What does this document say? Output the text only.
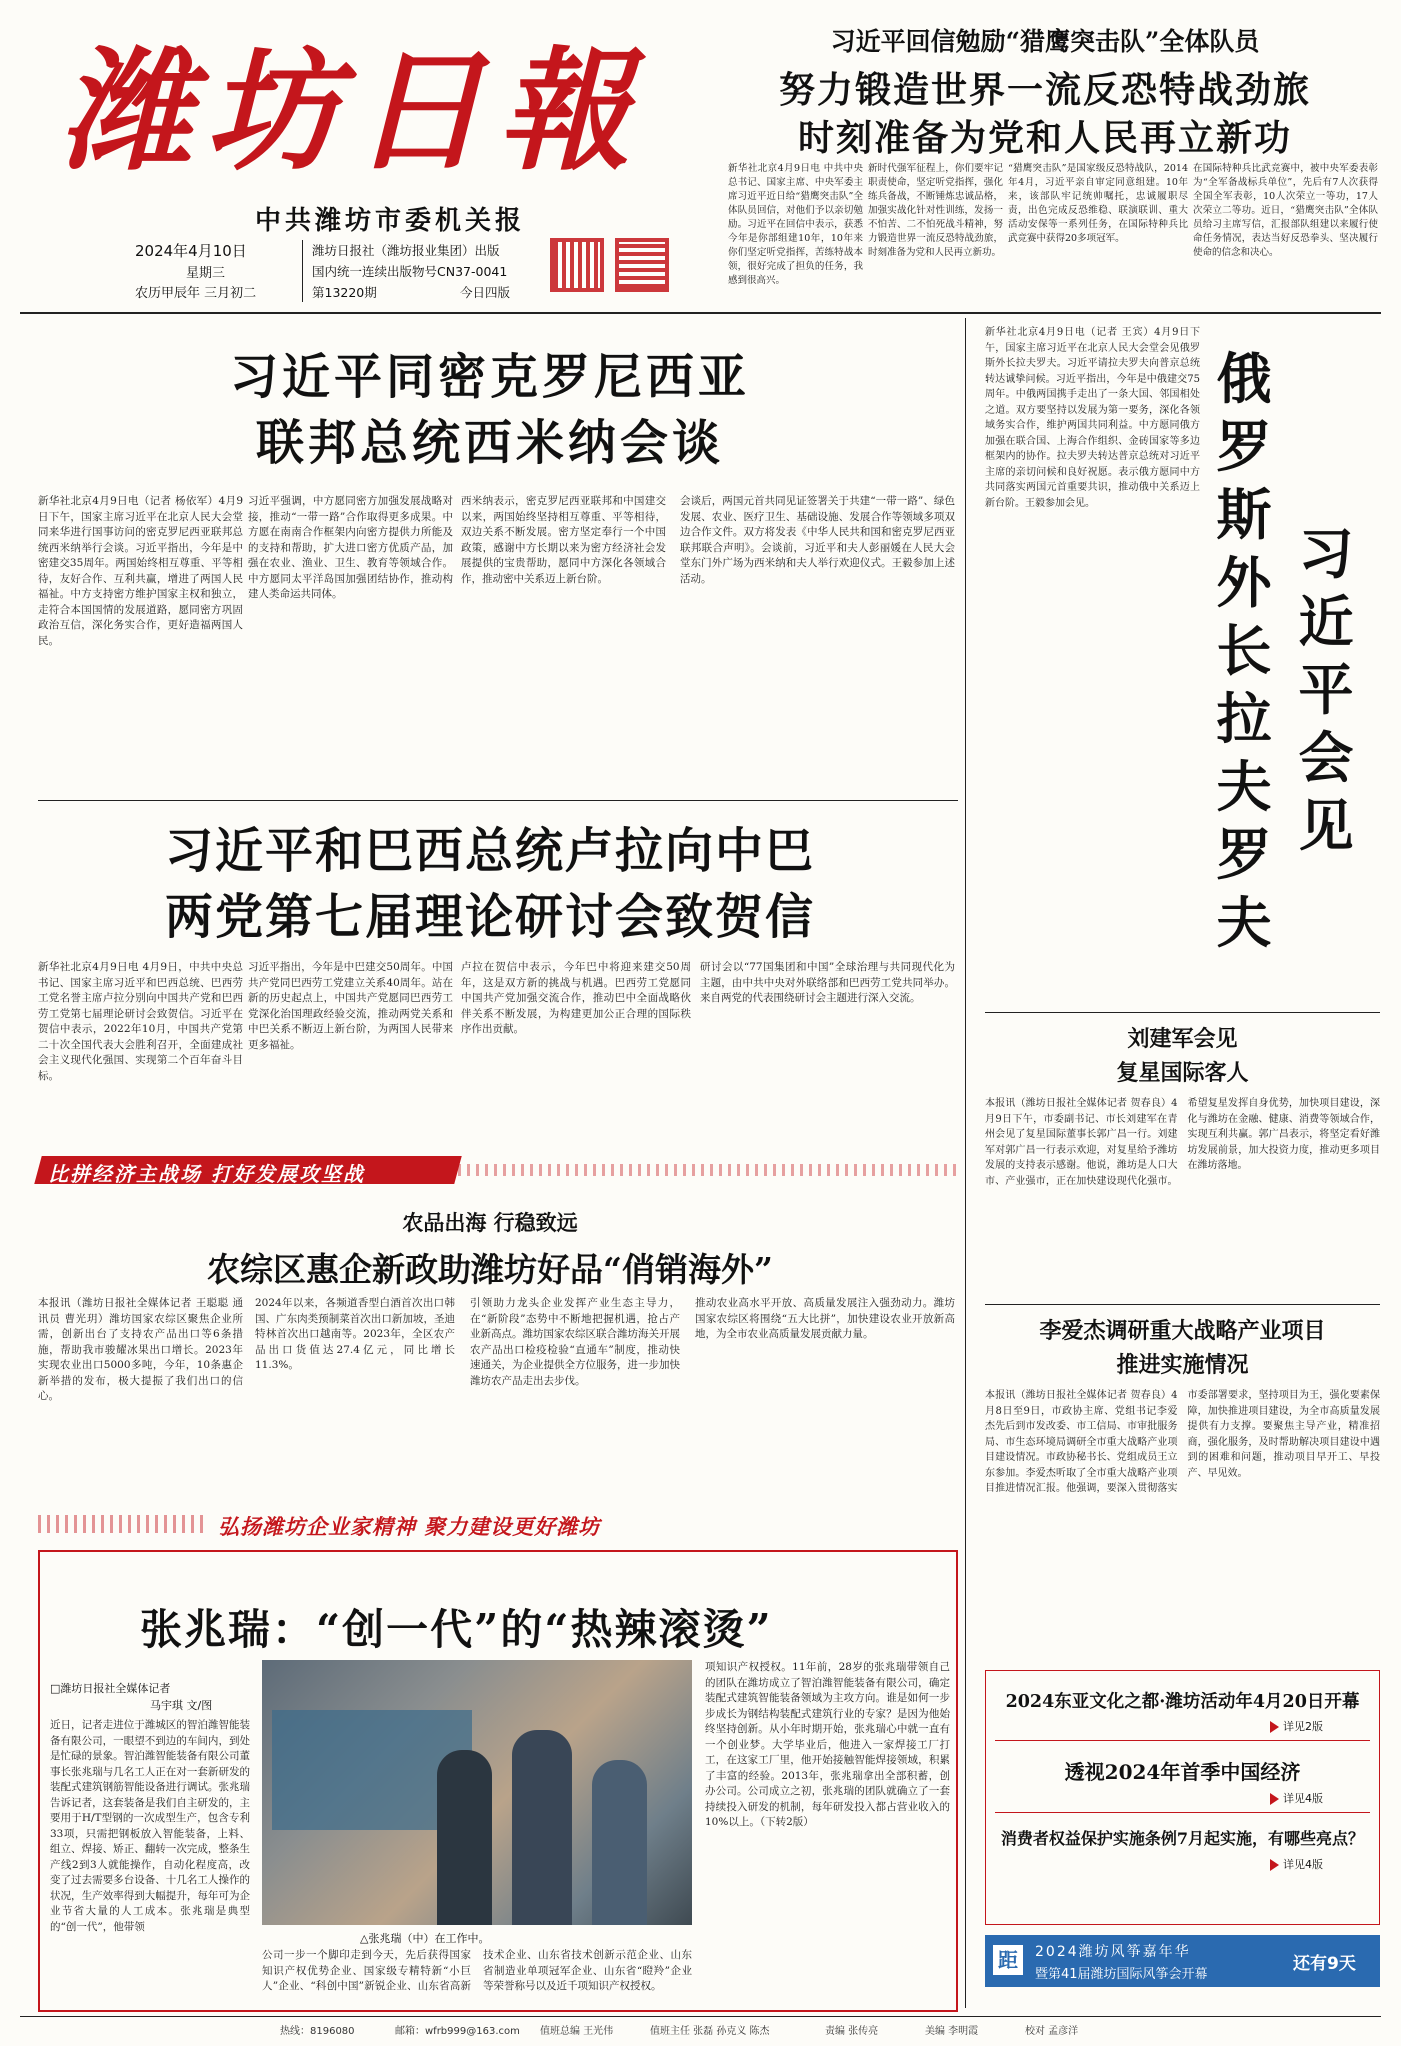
潍坊日報
中共潍坊市委机关报
2024年4月10日
星期三
农历甲辰年 三月初二
潍坊日报社（潍坊报业集团）出版
国内统一连续出版物号CN37-0041
第13220期	今日四版
习近平回信勉励“猎鹰突击队”全体队员
努力锻造世界一流反恐特战劲旅
时刻准备为党和人民再立新功
新华社北京4月9日电 中共中央总书记、国家主席、中央军委主席习近平近日给“猎鹰突击队”全体队员回信，对他们予以亲切勉励。习近平在回信中表示，获悉今年是你部组建10年，10年来你们坚定听党指挥，苦练特战本领，很好完成了担负的任务，我感到很高兴。
新时代强军征程上，你们要牢记职责使命，坚定听党指挥，强化练兵备战，不断锤炼忠诚品格，加强实战化针对性训练，发扬一不怕苦、二不怕死战斗精神，努力锻造世界一流反恐特战劲旅，时刻准备为党和人民再立新功。
“猎鹰突击队”是国家级反恐特战队，2014年4月，习近平亲自审定同意组建。10年来，该部队牢记统帅嘱托，忠诚履职尽责，出色完成反恐维稳、联演联训、重大活动安保等一系列任务，在国际特种兵比武竞赛中获得20多项冠军。
在国际特种兵比武竞赛中，被中央军委表彰为“全军备战标兵单位”，先后有7人次获得全国全军表彰，10人次荣立一等功，17人次荣立二等功。近日，“猎鹰突击队”全体队员给习主席写信，汇报部队组建以来履行使命任务情况，表达当好反恐拳头、坚决履行使命的信念和决心。
习近平同密克罗尼西亚
联邦总统西米纳会谈
新华社北京4月9日电（记者 杨依军）4月9日下午，国家主席习近平在北京人民大会堂同来华进行国事访问的密克罗尼西亚联邦总统西米纳举行会谈。习近平指出，今年是中密建交35周年。两国始终相互尊重、平等相待，友好合作、互利共赢，增进了两国人民福祉。中方支持密方维护国家主权和独立，走符合本国国情的发展道路，愿同密方巩固政治互信，深化务实合作，更好造福两国人民。
习近平强调，中方愿同密方加强发展战略对接，推动“一带一路”合作取得更多成果。中方愿在南南合作框架内向密方提供力所能及的支持和帮助，扩大进口密方优质产品，加强在农业、渔业、卫生、教育等领域合作。中方愿同太平洋岛国加强团结协作，推动构建人类命运共同体。
西米纳表示，密克罗尼西亚联邦和中国建交以来，两国始终坚持相互尊重、平等相待，双边关系不断发展。密方坚定奉行一个中国政策，感谢中方长期以来为密方经济社会发展提供的宝贵帮助，愿同中方深化各领域合作，推动密中关系迈上新台阶。
会谈后，两国元首共同见证签署关于共建“一带一路”、绿色发展、农业、医疗卫生、基础设施、发展合作等领域多项双边合作文件。双方将发表《中华人民共和国和密克罗尼西亚联邦联合声明》。会谈前，习近平和夫人彭丽媛在人民大会堂东门外广场为西米纳和夫人举行欢迎仪式。王毅参加上述活动。
习近平和巴西总统卢拉向中巴
两党第七届理论研讨会致贺信
新华社北京4月9日电 4月9日，中共中央总书记、国家主席习近平和巴西总统、巴西劳工党名誉主席卢拉分别向中国共产党和巴西劳工党第七届理论研讨会致贺信。习近平在贺信中表示，2022年10月，中国共产党第二十次全国代表大会胜利召开，全面建成社会主义现代化强国、实现第二个百年奋斗目标。
习近平指出，今年是中巴建交50周年。中国共产党同巴西劳工党建立关系40周年。站在新的历史起点上，中国共产党愿同巴西劳工党深化治国理政经验交流，推动两党关系和中巴关系不断迈上新台阶，为两国人民带来更多福祉。
卢拉在贺信中表示，今年巴中将迎来建交50周年，这是双方新的挑战与机遇。巴西劳工党愿同中国共产党加强交流合作，推动巴中全面战略伙伴关系不断发展，为构建更加公正合理的国际秩序作出贡献。
研讨会以“77国集团和中国”全球治理与共同现代化为主题，由中共中央对外联络部和巴西劳工党共同举办。来自两党的代表围绕研讨会主题进行深入交流。
新华社北京4月9日电（记者 王宾）4月9日下午，国家主席习近平在北京人民大会堂会见俄罗斯外长拉夫罗夫。习近平请拉夫罗夫向普京总统转达诚挚问候。习近平指出，今年是中俄建交75周年。中俄两国携手走出了一条大国、邻国相处之道。双方要坚持以发展为第一要务，深化各领域务实合作，维护两国共同利益。中方愿同俄方加强在联合国、上海合作组织、金砖国家等多边框架内的协作。拉夫罗夫转达普京总统对习近平主席的亲切问候和良好祝愿。表示俄方愿同中方共同落实两国元首重要共识，推动俄中关系迈上新台阶。王毅参加会见。
俄罗斯外长拉夫罗夫
习近平会见
刘建军会见
复星国际客人
本报讯（潍坊日报社全媒体记者 贺春良）4月9日下午，市委副书记、市长刘建军在青州会见了复星国际董事长郭广昌一行。刘建军对郭广昌一行表示欢迎，对复星给予潍坊发展的支持表示感谢。他说，潍坊是人口大市、产业强市，正在加快建设现代化强市。希望复星发挥自身优势，加快项目建设，深化与潍坊在金融、健康、消费等领域合作，实现互利共赢。郭广昌表示，将坚定看好潍坊发展前景，加大投资力度，推动更多项目在潍坊落地。
李爱杰调研重大战略产业项目
推进实施情况
本报讯（潍坊日报社全媒体记者 贺春良）4月8日至9日，市政协主席、党组书记李爱杰先后到市发改委、市工信局、市审批服务局、市生态环境局调研全市重大战略产业项目建设情况。市政协秘书长、党组成员王立东参加。李爱杰听取了全市重大战略产业项目推进情况汇报。他强调，要深入贯彻落实市委部署要求，坚持项目为王，强化要素保障，加快推进项目建设，为全市高质量发展提供有力支撑。要聚焦主导产业，精准招商，强化服务，及时帮助解决项目建设中遇到的困难和问题，推动项目早开工、早投产、早见效。
比拼经济主战场 打好发展攻坚战
农品出海 行稳致远
农综区惠企新政助潍坊好品“俏销海外”
本报讯（潍坊日报社全媒体记者 王聪聪 通讯员 曹光玥）潍坊国家农综区聚焦企业所需，创新出台了支持农产品出口等6条措施，帮助我市骏耀冰果出口增长。2023年实现农业出口5000多吨，今年，10条惠企新举措的发布，极大提振了我们出口的信心。
2024年以来，各频道香型白酒首次出口韩国、广东肉类预制菜首次出口新加坡，圣迪特林首次出口越南等。2023年，全区农产品出口货值达27.4亿元，同比增长11.3%。
引领助力龙头企业发挥产业生态主导力，在“新阶段”态势中不断地把握机遇，抢占产业新高点。潍坊国家农综区联合潍坊海关开展农产品出口检疫检验“直通车”制度，推动快速通关，为企业提供全方位服务，进一步加快潍坊农产品走出去步伐。
推动农业高水平开放、高质量发展注入强劲动力。潍坊国家农综区将围绕“五大比拼”，加快建设农业开放新高地，为全市农业高质量发展贡献力量。
弘扬潍坊企业家精神 聚力建设更好潍坊
张兆瑞：“创一代”的“热辣滚烫”
□潍坊日报社全媒体记者
马宇琪 文/图
近日，记者走进位于潍城区的智泊潍智能装备有限公司，一眼望不到边的车间内，到处是忙碌的景象。智泊潍智能装备有限公司董事长张兆瑞与几名工人正在对一套新研发的装配式建筑钢筋智能设备进行调试。张兆瑞告诉记者，这套装备是我们自主研发的，主要用于H/T型钢的一次成型生产，包含专利33项，只需把钢板放入智能装备，上料、组立、焊接、矫正、翻转一次完成，整条生产线2到3人就能操作，自动化程度高，改变了过去需要多台设备、十几名工人操作的状况，生产效率得到大幅提升，每年可为企业节省大量的人工成本。张兆瑞是典型的“创一代”，他带领
△张兆瑞（中）在工作中。
公司一步一个脚印走到今天，先后获得国家知识产权优势企业、国家级专精特新“小巨人”企业、“科创中国”新锐企业、山东省高新技术企业、山东省技术创新示范企业、山东省制造业单项冠军企业、山东省“瞪羚”企业等荣誉称号以及近千项知识产权授权。
项知识产权授权。11年前，28岁的张兆瑞带领自己的团队在潍坊成立了智泊潍智能装备有限公司，确定装配式建筑智能装备领域为主攻方向。谁是如何一步步成长为钢结构装配式建筑行业的专家？是因为他始终坚持创新。从小年时期开始，张兆瑞心中就一直有一个创业梦。大学毕业后，他进入一家焊接工厂打工，在这家工厂里，他开始接触智能焊接领域，积累了丰富的经验。2013年，张兆瑞拿出全部积蓄，创办公司。公司成立之初，张兆瑞的团队就确立了一套持续投入研发的机制，每年研发投入都占营业收入的10%以上。（下转2版）
2024东亚文化之都·潍坊活动年4月20日开幕
详见2版
透视2024年首季中国经济
详见4版
消费者权益保护实施条例7月起实施，有哪些亮点？
详见4版
距	2024潍坊风筝嘉年华
暨第41届潍坊国际风筝会开幕
还有9天
热线：8196080	邮箱：wfrb999@163.com 值班总编 王光伟	值班主任 张磊 孙克义 陈杰	责编 张传亮	美编 李明霞	校对 孟彦洋
